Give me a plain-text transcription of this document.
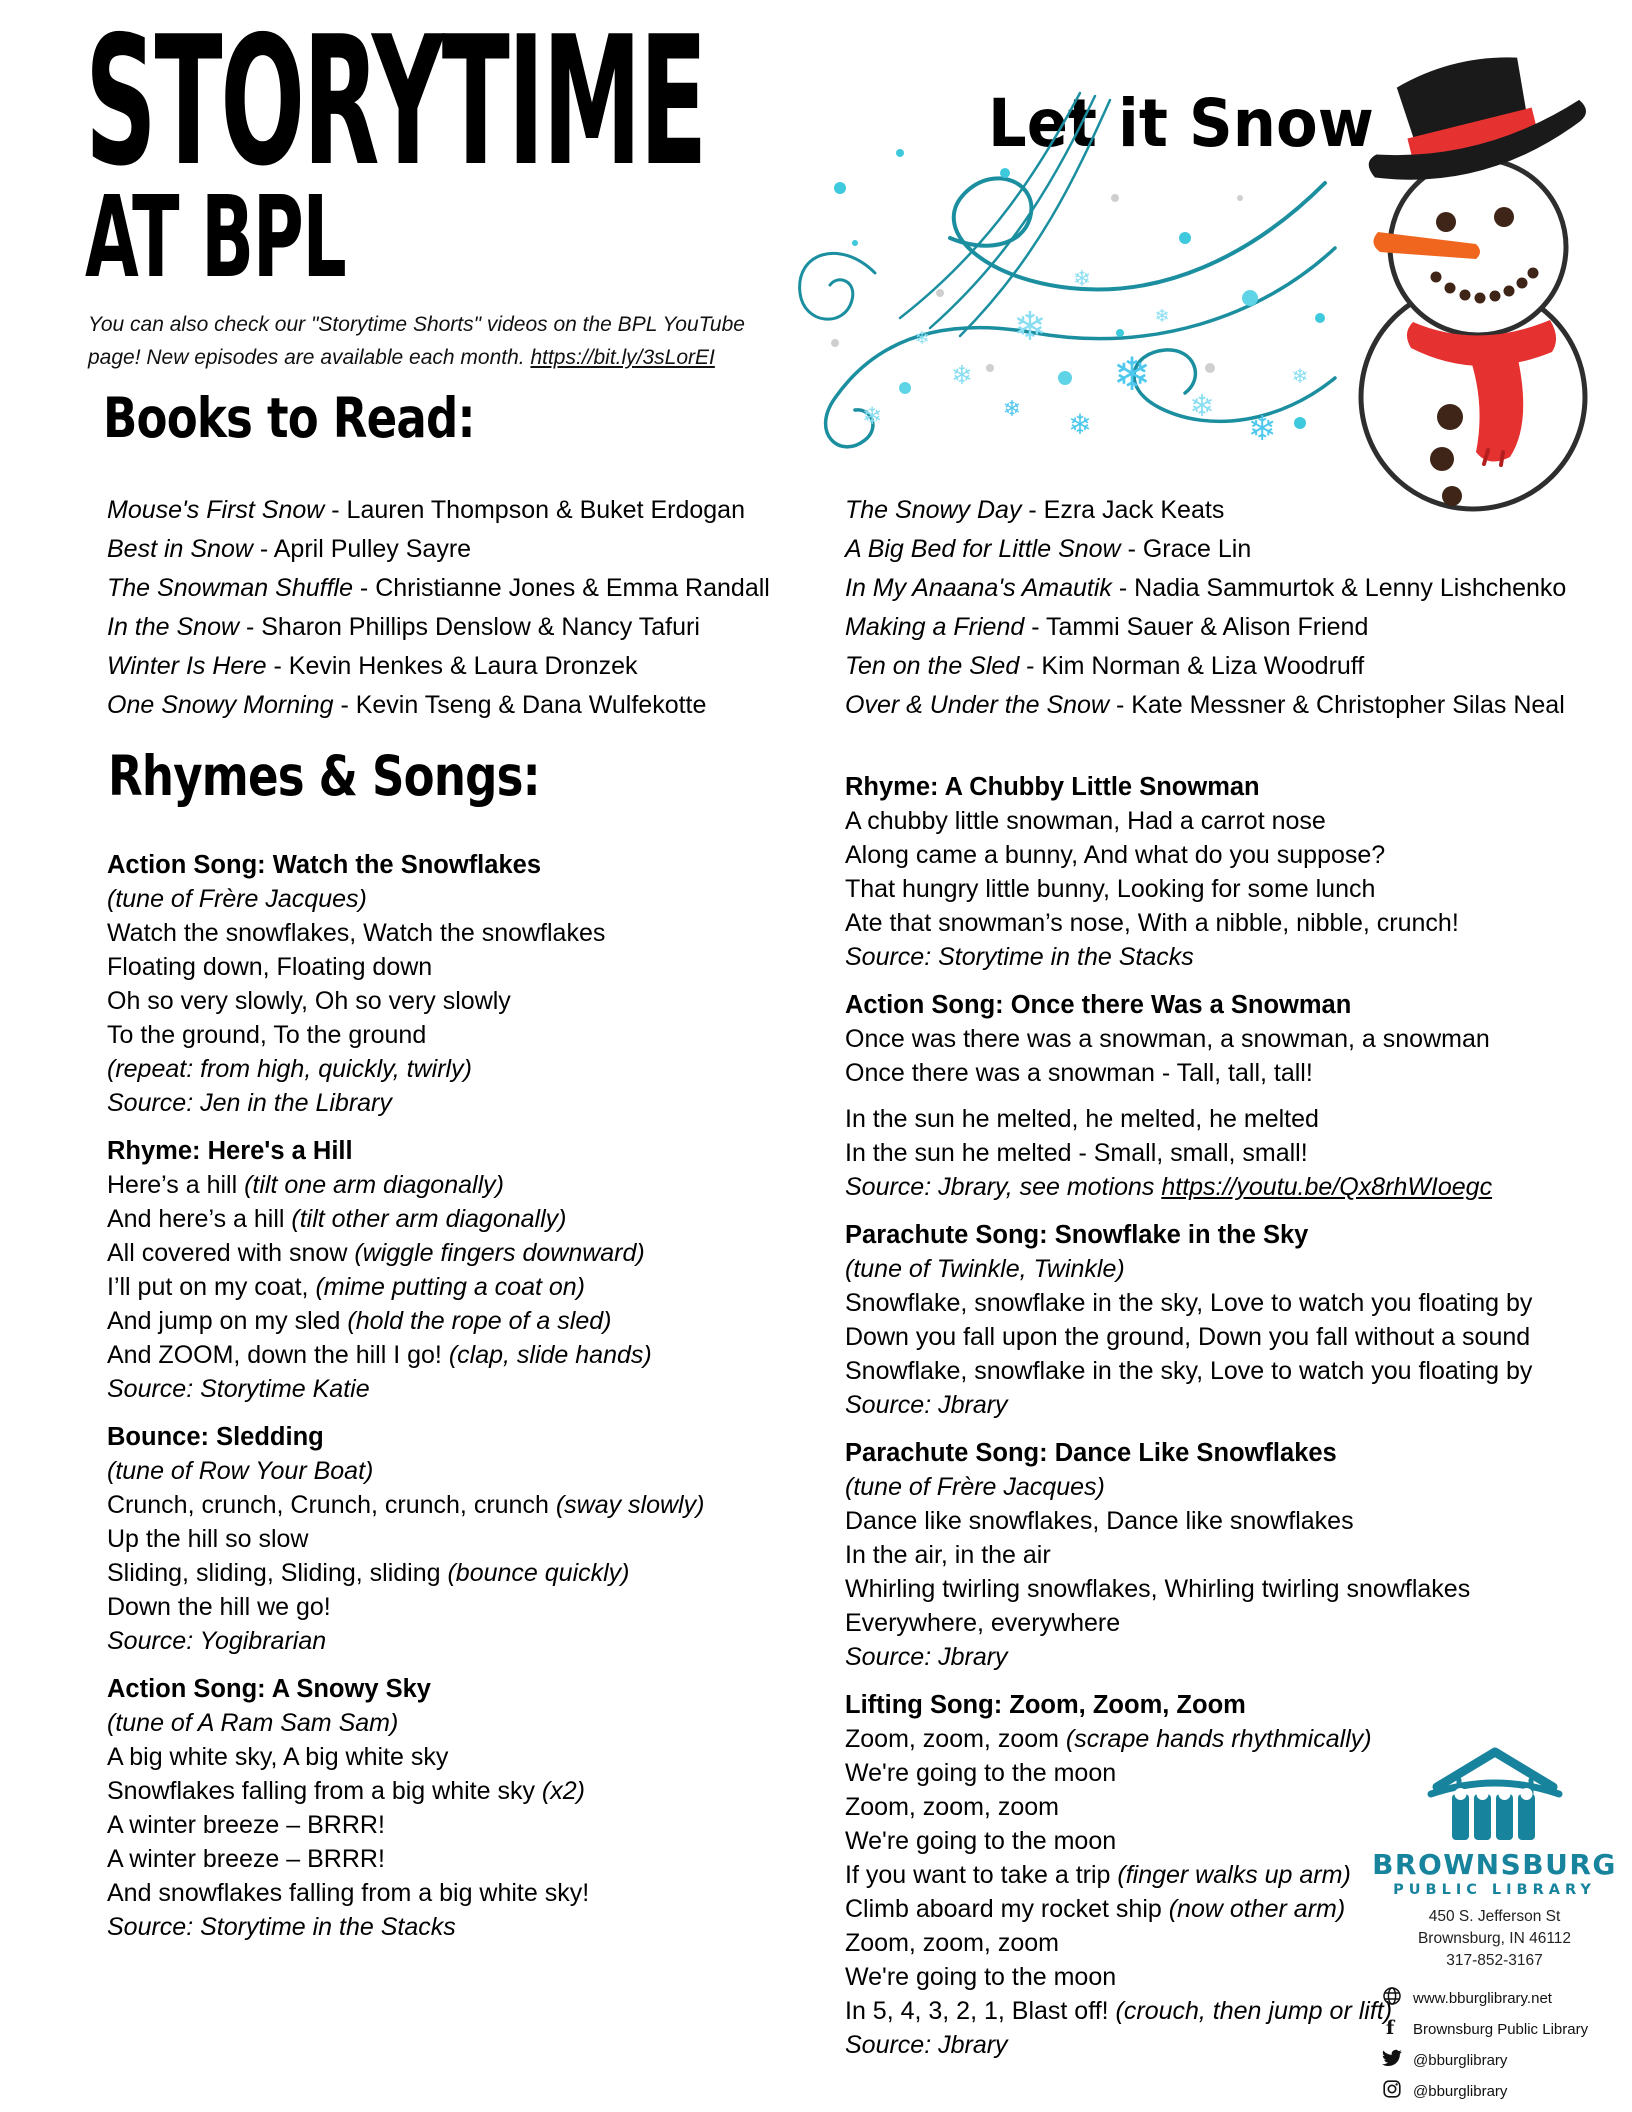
STORYTIME
AT BPL
Let it Snow
You can also check our "Storytime Shorts" videos on the BPL YouTube
page! New episodes are available each month. https://bit.ly/3sLorEI
❄
❄
❄
❄
❄
❄
❄
❄
❄
❄	❄
❄
Books to Read:
Mouse's First Snow - Lauren Thompson & Buket Erdogan
Best in Snow - April Pulley Sayre
The Snowman Shuffle - Christianne Jones & Emma Randall
In the Snow - Sharon Phillips Denslow & Nancy Tafuri
Winter Is Here - Kevin Henkes & Laura Dronzek
One Snowy Morning - Kevin Tseng & Dana Wulfekotte
The Snowy Day - Ezra Jack Keats
A Big Bed for Little Snow - Grace Lin
In My Anaana's Amautik - Nadia Sammurtok & Lenny Lishchenko
Making a Friend - Tammi Sauer & Alison Friend
Ten on the Sled - Kim Norman & Liza Woodruff
Over & Under the Snow - Kate Messner & Christopher Silas Neal
Rhymes & Songs:
Action Song: Watch the Snowflakes
(tune of Frère Jacques)
Watch the snowflakes, Watch the snowflakes
Floating down, Floating down
Oh so very slowly, Oh so very slowly
To the ground, To the ground
(repeat: from high, quickly, twirly)
Source: Jen in the Library
Rhyme: Here's a Hill
Here’s a hill (tilt one arm diagonally)
And here’s a hill (tilt other arm diagonally)
All covered with snow (wiggle fingers downward)
I’ll put on my coat, (mime putting a coat on)
And jump on my sled (hold the rope of a sled)
And ZOOM, down the hill I go! (clap, slide hands)
Source: Storytime Katie
Bounce: Sledding
(tune of Row Your Boat)
Crunch, crunch, Crunch, crunch, crunch (sway slowly)
Up the hill so slow
Sliding, sliding, Sliding, sliding (bounce quickly)
Down the hill we go!
Source: Yogibrarian
Action Song: A Snowy Sky
(tune of A Ram Sam Sam)
A big white sky, A big white sky
Snowflakes falling from a big white sky (x2)
A winter breeze – BRRR!
A winter breeze – BRRR!
And snowflakes falling from a big white sky!
Source: Storytime in the Stacks
Rhyme: A Chubby Little Snowman
A chubby little snowman, Had a carrot nose
Along came a bunny, And what do you suppose?
That hungry little bunny, Looking for some lunch
Ate that snowman’s nose, With a nibble, nibble, crunch!
Source: Storytime in the Stacks
Action Song: Once there Was a Snowman
Once was there was a snowman, a snowman, a snowman
Once there was a snowman - Tall, tall, tall!
In the sun he melted, he melted, he melted
In the sun he melted - Small, small, small!
Source: Jbrary, see motions https://youtu.be/Qx8rhWIoegc
Parachute Song: Snowflake in the Sky
(tune of Twinkle, Twinkle)
Snowflake, snowflake in the sky, Love to watch you floating by
Down you fall upon the ground, Down you fall without a sound
Snowflake, snowflake in the sky, Love to watch you floating by
Source: Jbrary
Parachute Song: Dance Like Snowflakes
(tune of Frère Jacques)
Dance like snowflakes, Dance like snowflakes
In the air, in the air
Whirling twirling snowflakes, Whirling twirling snowflakes
Everywhere, everywhere
Source: Jbrary
Lifting Song: Zoom, Zoom, Zoom
Zoom, zoom, zoom (scrape hands rhythmically)
We're going to the moon
Zoom, zoom, zoom
We're going to the moon
If you want to take a trip (finger walks up arm)
Climb aboard my rocket ship (now other arm)
Zoom, zoom, zoom
We're going to the moon
In 5, 4, 3, 2, 1, Blast off! (crouch, then jump or lift)
Source: Jbrary
BROWNSBURG
PUBLIC LIBRARY
450 S. Jefferson St
Brownsburg, IN 46112
317-852-3167
www.bburglibrary.net
f Brownsburg Public Library
@bburglibrary
@bburglibrary
